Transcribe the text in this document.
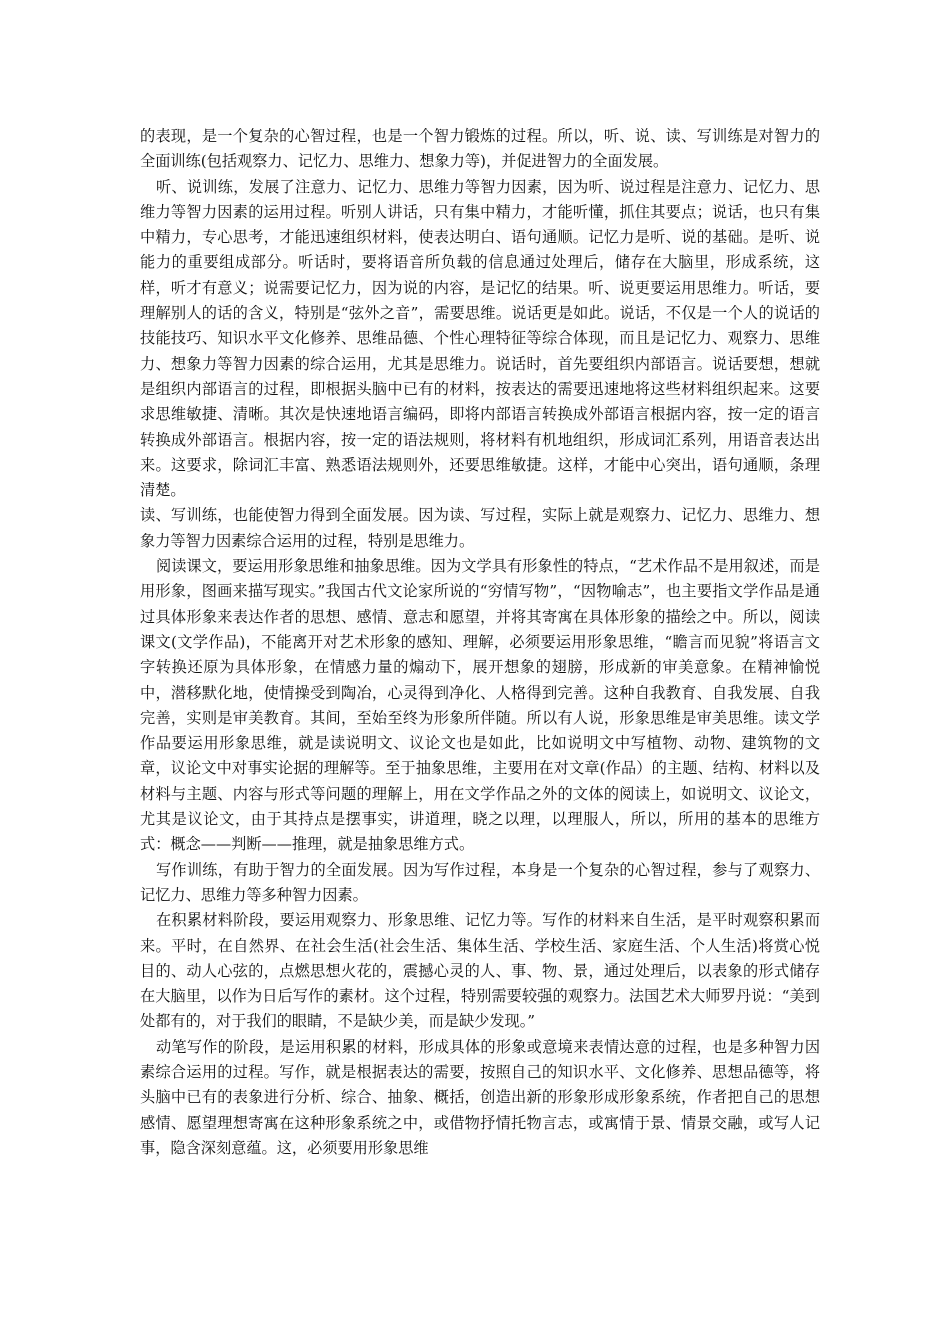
的表现，是一个复杂的心智过程，也是一个智力锻炼的过程。所以，听、说、读、写训练是对智力的全面训练(包括观察力、记忆力、思维力、想象力等)，并促进智力的全面发展。

听、说训练，发展了注意力、记忆力、思维力等智力因素，因为听、说过程是注意力、记忆力、思维力等智力因素的运用过程。听别人讲话，只有集中精力，才能听懂，抓住其要点；说话，也只有集中精力，专心思考，才能迅速组织材料，使表达明白、语句通顺。记忆力是听、说的基础。是听、说能力的重要组成部分。听话时，要将语音所负载的信息通过处理后，储存在大脑里，形成系统，这样，听才有意义；说需要记忆力，因为说的内容，是记忆的结果。听、说更要运用思维力。听话，要理解别人的话的含义，特别是“弦外之音”，需要思维。说话更是如此。说话，不仅是一个人的说话的技能技巧、知识水平文化修养、思维品德、个性心理特征等综合体现，而且是记忆力、观察力、思维力、想象力等智力因素的综合运用，尤其是思维力。说话时，首先要组织内部语言。说话要想，想就是组织内部语言的过程，即根据头脑中已有的材料，按表达的需要迅速地将这些材料组织起来。这要求思维敏捷、清晰。其次是快速地语言编码，即将内部语言转换成外部语言根据内容，按一定的语言转换成外部语言。根据内容，按一定的语法规则，将材料有机地组织，形成词汇系列，用语音表达出来。这要求，除词汇丰富、熟悉语法规则外，还要思维敏捷。这样，才能中心突出，语句通顺，条理清楚。

读、写训练，也能使智力得到全面发展。因为读、写过程，实际上就是观察力、记忆力、思维力、想象力等智力因素综合运用的过程，特别是思维力。

阅读课文，要运用形象思维和抽象思维。因为文学具有形象性的特点，“艺术作品不是用叙述，而是用形象，图画来描写现实。”我国古代文论家所说的“穷情写物”，“因物喻志”，也主要指文学作品是通过具体形象来表达作者的思想、感情、意志和愿望，并将其寄寓在具体形象的描绘之中。所以，阅读课文(文学作品)，不能离开对艺术形象的感知、理解，必须要运用形象思维，“瞻言而见貌”将语言文字转换还原为具体形象，在情感力量的煽动下，展开想象的翅膀，形成新的审美意象。在精神愉悦中，潜移默化地，使情操受到陶冶，心灵得到净化、人格得到完善。这种自我教育、自我发展、自我完善，实则是审美教育。其间，至始至终为形象所伴随。所以有人说，形象思维是审美思维。读文学作品要运用形象思维，就是读说明文、议论文也是如此，比如说明文中写植物、动物、建筑物的文章，议论文中对事实论据的理解等。至于抽象思维，主要用在对文章(作品）的主题、结构、材料以及材料与主题、内容与形式等问题的理解上，用在文学作品之外的文体的阅读上，如说明文、议论文，尤其是议论文，由于其持点是摆事实，讲道理，晓之以理，以理服人，所以，所用的基本的思维方式：概念——判断——推理，就是抽象思维方式。

写作训练，有助于智力的全面发展。因为写作过程，本身是一个复杂的心智过程，参与了观察力、记忆力、思维力等多种智力因素。

在积累材料阶段，要运用观察力、形象思维、记忆力等。写作的材料来自生活，是平时观察积累而来。平时，在自然界、在社会生活(社会生活、集体生活、学校生活、家庭生活、个人生活)将赏心悦目的、动人心弦的，点燃思想火花的，震撼心灵的人、事、物、景，通过处理后，以表象的形式储存在大脑里，以作为日后写作的素材。这个过程，特别需要较强的观察力。法国艺术大师罗丹说：“美到处都有的，对于我们的眼睛，不是缺少美，而是缺少发现。”

动笔写作的阶段，是运用积累的材料，形成具体的形象或意境来表情达意的过程，也是多种智力因素综合运用的过程。写作，就是根据表达的需要，按照自己的知识水平、文化修养、思想品德等，将头脑中已有的表象进行分析、综合、抽象、概括，创造出新的形象形成形象系统，作者把自己的思想感情、愿望理想寄寓在这种形象系统之中，或借物抒情托物言志，或寓情于景、情景交融，或写人记事，隐含深刻意蕴。这，必须要用形象思维
